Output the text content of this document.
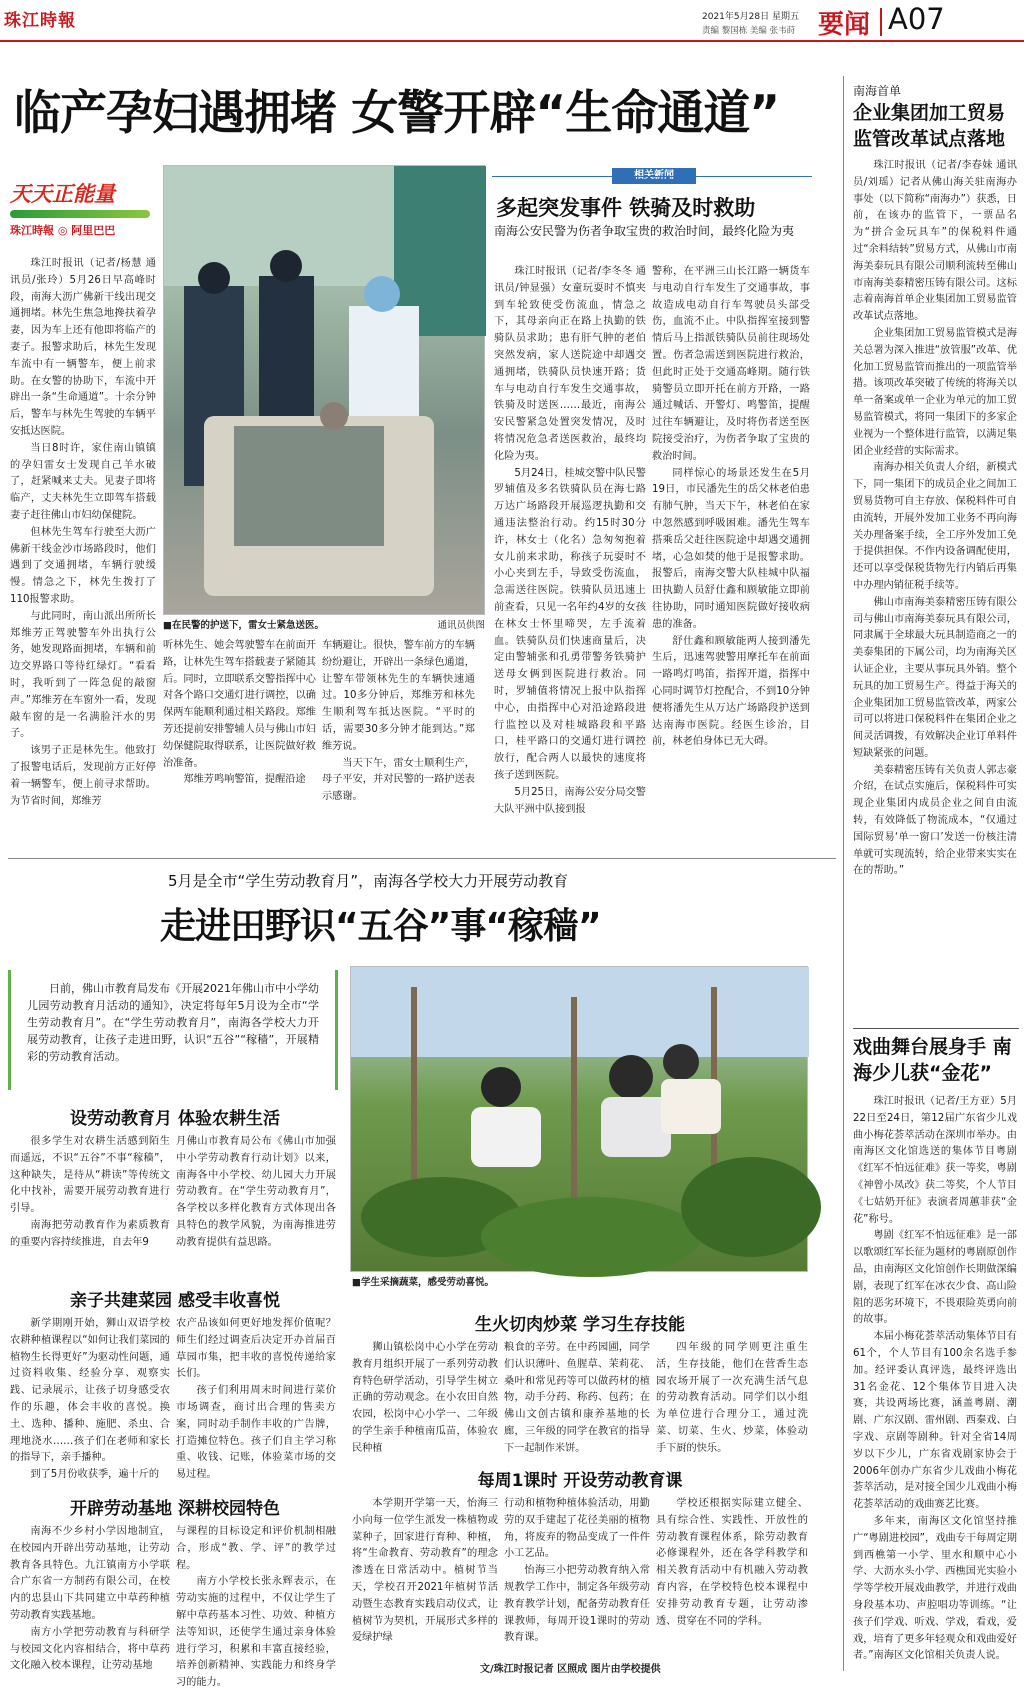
珠江時報	2021年5月28日 星期五
责编 黎国栋 美编 张韦莳 要闻 A07
临产孕妇遇拥堵 女警开辟“生命通道”
天天正能量
珠江時報 ◎ 阿里巴巴

珠江时报讯（记者/杨慧 通讯员/张玲）5月26日早高峰时段，南海大沥广佛新干线出现交通拥堵。林先生焦急地搀扶着孕妻，因为车上还有他即将临产的妻子。报警求助后，林先生发现车流中有一辆警车，便上前求助。在女警的协助下，车流中开辟出一条“生命通道”。十余分钟后，警车与林先生驾驶的车辆平安抵达医院。

当日8时许，家住南山镇镇的孕妇雷女士发现自己羊水破了，赶紧喊来丈夫。见妻子即将临产，丈夫林先生立即驾车搭载妻子赶往佛山市妇幼保健院。

但林先生驾车行驶至大沥广佛新干线金沙市场路段时，他们遇到了交通拥堵，车辆行驶缓慢。情急之下，林先生拨打了110报警求助。

与此同时，南山派出所所长郑维芳正驾驶警车外出执行公务，她发现路面拥堵，车辆和前边交界路口等待红绿灯。“看看时，我听到了一阵急促的敲窗声。”郑维芳在车窗外一看，发现敲车窗的是一名满脸汗水的男子。

该男子正是林先生。他致打了报警电话后，发现前方正好停着一辆警车，便上前寻求帮助。为节省时间，郑维芳

■在民警的护送下，雷女士紧急送医。	通讯员供图

听林先生、她会驾驶警车在前面开路，让林先生驾车搭载妻子紧随其后。同时，立即联系交警指挥中心对各个路口交通灯进行调控，以确保两车能顺利通过相关路段。郑维芳还提前安排警辅人员与佛山市妇幼保健院取得联系，让医院做好救治准备。

郑维芳鸣响警笛，提醒沿途

车辆避让。很快，警车前方的车辆纷纷避让，开辟出一条绿色通道，让警车带领林先生的车辆快速通过。10多分钟后，郑维芳和林先生顺利驾车抵达医院。“平时的话，需要30多分钟才能到达。”郑维芳说。

当天下午，雷女士顺利生产，母子平安，并对民警的一路护送表示感谢。

多起突发事件 铁骑及时救助
南海公安民警为伤者争取宝贵的救治时间，最终化险为夷

珠江时报讯（记者/李冬冬 通讯员/钟显强）女童玩耍时不慎夹到车轮致使受伤流血，情急之下，其母亲向正在路上执勤的铁骑队员求助；患有肝气肿的老伯突然发病，家人送院途中却遇交通拥堵，铁骑队员快速开路；货车与电动自行车发生交通事故，铁骑及时送医……最近，南海公安民警紧急处置突发情况，及时将情况危急者送医救治，最终均化险为夷。

5月24日，桂城交警中队民警罗辅值及多名铁骑队员在海七路万达广场路段开展巡逻执勤和交通违法整治行动。约15时30分许，林女士（化名）急匆匆抱着女儿前来求助，称孩子玩耍时不小心夹到左手，导致受伤流血，急需送往医院。铁骑队员迅速上前查看，只见一名年约4岁的女孩在林女士怀里啼哭，左手流着血。铁骑队员们快速商量后，决定由警辅张和孔勇带警务铁骑护送母女俩到医院进行救治。同时，罗辅值将情况上报中队指挥中心，由指挥中心对沿途路段进行监控以及对桂城路段和平路口，桂平路口的交通灯进行调控放行，配合两人以最快的速度将孩子送到医院。

5月25日，南海公安分局交警大队平洲中队接到报

警称，在平洲三山长江路一辆货车与电动自行车发生了交通事故，事故造成电动自行车驾驶员头部受伤，血流不止。中队指挥室接到警情后马上指派铁骑队员前往现场处置。伤者急需送到医院进行救治，但此时正处于交通高峰期。随行铁骑警员立即开托在前方开路，一路通过喊话、开警灯、鸣警笛，提醒过往车辆避让，及时将伤者送至医院接受治疗，为伤者争取了宝贵的救治时间。

同样惊心的场景还发生在5月19日，市民潘先生的岳父林老伯患有肺气肿，当天下午，林老伯在家中忽然感到呼吸困难。潘先生驾车搭乘岳父赶往医院途中却遇交通拥堵，心急如焚的他于是报警求助。报警后，南海交警大队桂城中队福田执勤人员舒仕鑫和顾敏能立即前往协助，同时通知医院做好接收病患的准备。

舒仕鑫和顾敏能两人接到潘先生后，迅速驾驶警用摩托车在前面一路鸣灯鸣笛，指挥开道，指挥中心同时调节灯控配合，不到10分钟便将潘先生从万达广场路段护送到达南海市医院。经医生诊治，目前，林老伯身体已无大碍。

南海首单
企业集团加工贸易监管改革试点落地

珠江时报讯（记者/李春妹 通讯员/刘瑶）记者从佛山海关驻南海办事处（以下简称“南海办”）获悉，日前，在该办的监管下，一票品名为“拼合金玩具车”的保税料件通过“余料结转”贸易方式，从佛山市南海美泰玩具有限公司顺利流转至佛山市南海美泰精密压铸有限公司。这标志着南海首单企业集团加工贸易监管改革试点落地。

企业集团加工贸易监管模式是海关总署为深入推进“放管服”改革、优化加工贸易监管而推出的一项监管举措。该项改革突破了传统的将海关以单一备案或单一企业为单元的加工贸易监管模式，将同一集团下的多家企业视为一个整体进行监管，以满足集团企业经营的实际需求。

南海办相关负责人介绍，新模式下，同一集团下的成员企业之间加工贸易货物可自主存放、保税料件可自由流转，开展外发加工业务不再向海关办理备案手续，全工序外发加工免于提供担保。不作内设备调配使用，还可以享受保税货物先行内销后再集中办理内销征税手续等。

佛山市南海美泰精密压铸有限公司与佛山市南海美泰玩具有限公司，同隶属于全球最大玩具制造商之一的美泰集团的下属公司，均为南海关区认证企业，主要从事玩具外销。整个玩具的加工贸易生产。得益于海关的企业集团加工贸易监管改革，两家公司可以将进口保税料件在集团企业之间灵活调拨，有效解决企业订单料件短缺紧张的问题。

美泰精密压铸有关负责人郭志豪介绍，在试点实施后，保税料件可实现企业集团内成员企业之间自由流转，有效降低了物流成本，“仅通过国际贸易‘单一窗口’发送一份核注清单就可实现流转，给企业带来实实在在的帮助。”

戏曲舞台展身手 南海少儿获“金花”

珠江时报讯（记者/王方亚）5月22日至24日，第12届广东省少儿戏曲小梅花荟萃活动在深圳市举办。由南海区文化馆选送的集体节目粤剧《红军不怕远征难》获一等奖，粤剧《神曾小凤改》获二等奖，个人节目《七姑奶开征》表演者周蕙菲获“金花”称号。

粤剧《红军不怕远征难》是一部以歌颂红军长征为题材的粤剧原创作品，由南海区文化馆创作长期做深编剧，表现了红军在冰衣少食、高山险阻的恶劣环境下，不畏艰险英勇向前的故事。

本届小梅花荟萃活动集体节目有61个，个人节目有100余名选手参加。经评委认真评选，最终评选出31名金花、12个集体节目进入决赛，共设两场比赛，涵盖粤剧、潮剧、广东汉剧、雷州剧、西秦戏、白字戏、京剧等剧种。针对全省14周岁以下少儿，广东省戏剧家协会于2006年创办广东省少儿戏曲小梅花荟萃活动，是对接全国少儿戏曲小梅花荟萃活动的戏曲赛艺比赛。

多年来，南海区文化馆坚持推广“粤剧进校园”，戏曲专干每周定期到西樵第一小学、里水和顺中心小学、大沥水头小学、西樵国光实验小学等学校开展戏曲教学，并进行戏曲身段基本功、声腔唱功等训练。“让孩子们学戏、听戏、学戏，看戏，爱戏，培育了更多年轻观众和戏曲爱好者。”南海区文化馆相关负责人说。

5月是全市“学生劳动教育月”，南海各学校大力开展劳动教育
走进田野识“五谷”事“稼穑”
日前，佛山市教育局发布《开展2021年佛山市中小学幼儿园劳动教育月活动的通知》，决定将每年5月设为全市“学生劳动教育月”。在“学生劳动教育月”，南海各学校大力开展劳动教育，让孩子走进田野，认识“五谷”“稼穑”，开展精彩的劳动教育活动。
设劳动教育月 体验农耕生活

很多学生对农耕生活感到陌生而遥远，不识“五谷”不事“稼穑”，这种缺失，是待从“耕读”等传统文化中找补，需要开展劳动教育进行引导。

南海把劳动教育作为素质教育的重要内容持续推进，自去年9

月佛山市教育局公布《佛山市加强中小学劳动教育行动计划》以来，南海各中小学校、幼儿园大力开展劳动教育。在“学生劳动教育月”，各学校以多样化教育方式体现出各具特色的教学风貌，为南海推进劳动教育提供有益思路。

■学生采摘蔬菜，感受劳动喜悦。
亲子共建菜园 感受丰收喜悦

新学期刚开始，狮山双语学校农耕种植课程以“如何让我们菜园的植物生长得更好”为驱动性问题，通过资料收集、经验分享、观察实践、记录展示，让孩子切身感受农作的乐趣，体会丰收的喜悦。换土、选种、播种、施肥、杀虫、合理地浇水……孩子们在老师和家长的指导下，亲手播种。

到了5月份收获季，遍十斤的

农产品该如何更好地发挥价值呢？师生们经过调查后决定开办首届百草园市集，把丰收的喜悦传递给家长们。

孩子们利用周末时间进行菜价市场调查，商讨出合理的售卖方案，同时动手制作丰收的广告牌，打造摊位特色。孩子们自主学习称重、收钱、记账，体验菜市场的交易过程。

生火切肉炒菜 学习生存技能

狮山镇松岗中心小学在劳动教育月组织开展了一系列劳动教育特色研学活动，引导学生树立正确的劳动观念。在小农田自然农园，松岗中心小学一、二年级的学生亲手种植南瓜苗，体验农民种植

粮食的辛劳。在中药园圃，同学们认识薄叶、鱼腥草、茉莉花、桑叶和常见药等可以做药材的植物，动手分药、称药、包药；在佛山文创古镇和康养基地的长廊，三年级的同学在教官的指导下一起制作米饼。

四年级的同学则更注重生活，生存技能，他们在营香生态园农场开展了一次充满生活气息的劳动教育活动。同学们以小组为单位进行合理分工，通过洗菜、切菜、生火、炒菜，体验动手下厨的快乐。

开辟劳动基地 深耕校园特色

南海不少乡村小学因地制宜，在校园内开辟出劳动基地，让劳动教育各具特色。九江镇南方小学联合广东省一方制药有限公司，在校内的忠县山下共同建立中草药种植劳动教育实践基地。

南方小学把劳动教育与科研学与校园文化内容相结合，将中草药文化融入校本课程，让劳动基地

与课程的目标设定和评价机制相融合，形成“教、学、评”的教学过程。

南方小学校长张永辉表示，在劳动实施的过程中，不仅让学生了解中草药基本习性、功效、种植方法等知识，还使学生通过亲身体验进行学习，积累和丰富直接经验，培养创新精神、实践能力和终身学习的能力。

每周1课时 开设劳动教育课

本学期开学第一天，怡海三小向每一位学生派发一株植物或菜种子，回家进行育种、种植，将“生命教育、劳动教育”的理念渗透在日常活动中。植树节当天，学校召开2021年植树节活动暨生态教育实践启动仪式，让植树节为契机，开展形式多样的爱绿护绿

行动和植物种植体验活动，用勤劳的双手建起了花径美丽的植物角，将废弃的物品变成了一件件小工艺品。

怡海三小把劳动教育纳入常规教学工作中，制定各年级劳动教育教学计划，配备劳动教育任课教师，每周开设1课时的劳动教育课。

学校还根据实际建立健全、具有综合性、实践性、开放性的劳动教育课程体系，除劳动教育必修课程外，还在各学科教学和相关教育活动中有机融入劳动教育内容，在学校特色校本课程中安排劳动教育专题，让劳动渗透、贯穿在不同的学科。

文/珠江时报记者 区照成 图片由学校提供
